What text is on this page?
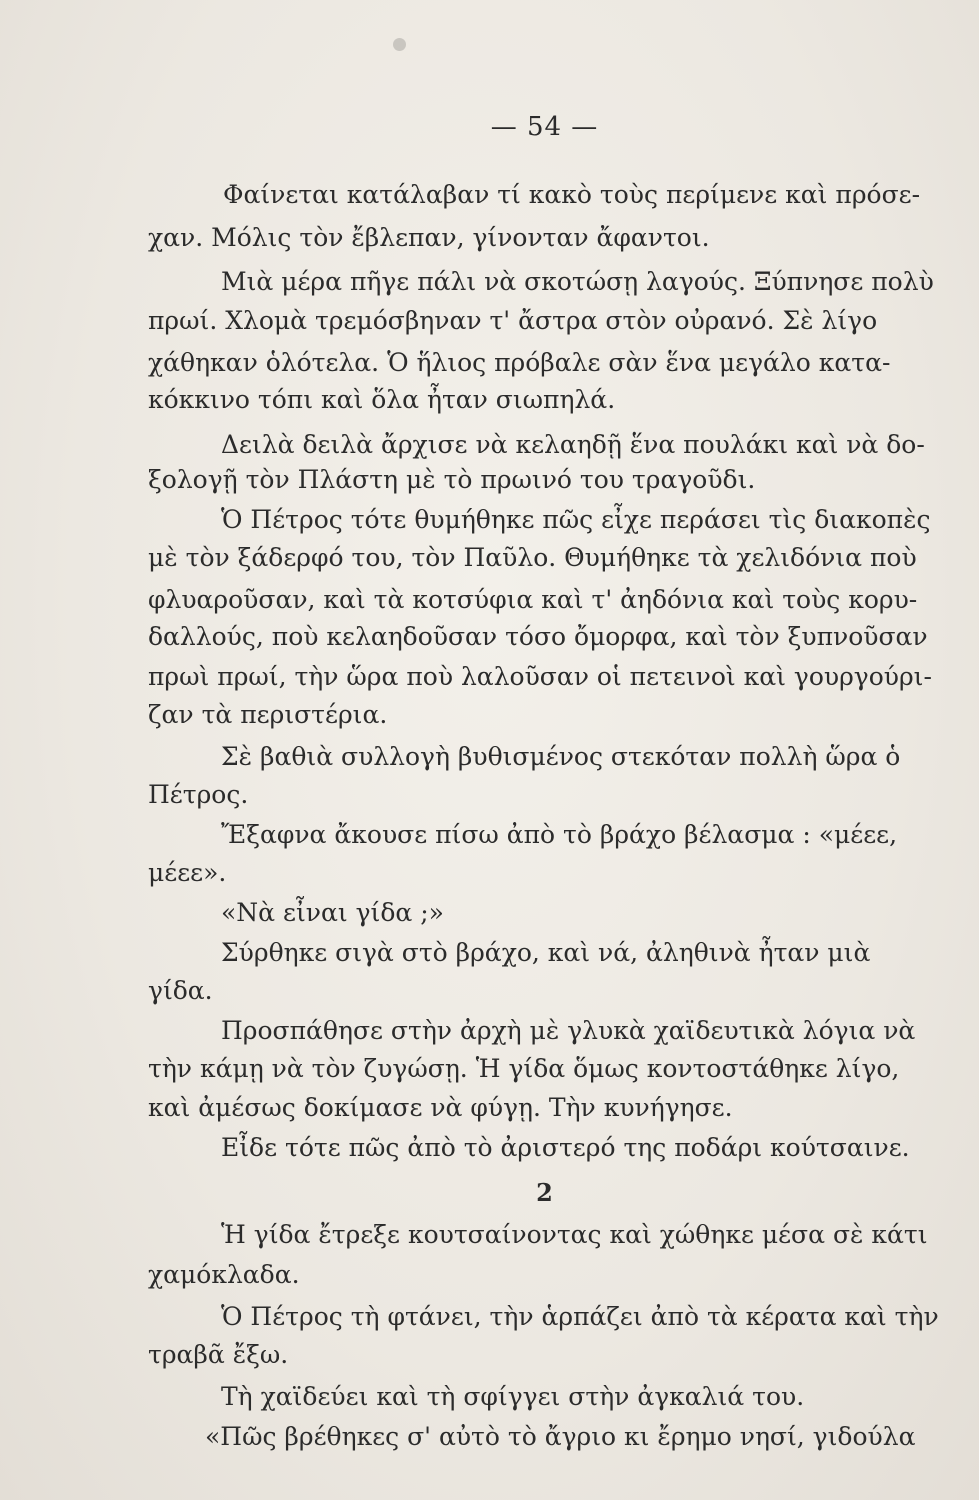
— 54 —
Φαίνεται κατάλαβαν τί κακὸ τοὺς περίμενε καὶ πρόσε-
χαν. Μόλις τὸν ἔβλεπαν, γίνονταν ἄφαντοι.
Μιὰ μέρα πῆγε πάλι νὰ σκοτώσῃ λαγούς. Ξύπνησε πολὺ
πρωί. Χλομὰ τρεμόσβηναν τ' ἄστρα στὸν οὐρανό. Σὲ λίγο
χάθηκαν ὁλότελα. Ὁ ἥλιος πρόβαλε σὰν ἕνα μεγάλο κατα-
κόκκινο τόπι καὶ ὅλα ἦταν σιωπηλά.
Δειλὰ δειλὰ ἄρχισε νὰ κελαηδῇ ἕνα πουλάκι καὶ νὰ δο-
ξολογῇ τὸν Πλάστη μὲ τὸ πρωινό του τραγοῦδι.
Ὁ Πέτρος τότε θυμήθηκε πῶς εἶχε περάσει τὶς διακοπὲς
μὲ τὸν ξάδερφό του, τὸν Παῦλο. Θυμήθηκε τὰ χελιδόνια ποὺ
φλυαροῦσαν, καὶ τὰ κοτσύφια καὶ τ' ἀηδόνια καὶ τοὺς κορυ-
δαλλούς, ποὺ κελαηδοῦσαν τόσο ὄμορφα, καὶ τὸν ξυπνοῦσαν
πρωὶ πρωί, τὴν ὥρα ποὺ λαλοῦσαν οἱ πετεινοὶ καὶ γουργούρι-
ζαν τὰ περιστέρια.
Σὲ βαθιὰ συλλογὴ βυθισμένος στεκόταν πολλὴ ὥρα ὁ
Πέτρος.
Ἔξαφνα ἄκουσε πίσω ἀπὸ τὸ βράχο βέλασμα : «μέεε,
μέεε».
«Νὰ εἶναι γίδα ;»
Σύρθηκε σιγὰ στὸ βράχο, καὶ νά, ἀληθινὰ ἦταν μιὰ
γίδα.
Προσπάθησε στὴν ἀρχὴ μὲ γλυκὰ χαϊδευτικὰ λόγια νὰ
τὴν κάμῃ νὰ τὸν ζυγώσῃ. Ἡ γίδα ὅμως κοντοστάθηκε λίγο,
καὶ ἀμέσως δοκίμασε νὰ φύγῃ. Τὴν κυνήγησε.
Εἶδε τότε πῶς ἀπὸ τὸ ἀριστερό της ποδάρι κούτσαινε.
2
Ἡ γίδα ἔτρεξε κουτσαίνοντας καὶ χώθηκε μέσα σὲ κάτι
χαμόκλαδα.
Ὁ Πέτρος τὴ φτάνει, τὴν ἁρπάζει ἀπὸ τὰ κέρατα καὶ τὴν
τραβᾶ ἔξω.
Τὴ χαϊδεύει καὶ τὴ σφίγγει στὴν ἀγκαλιά του.
«Πῶς βρέθηκες σ' αὐτὸ τὸ ἄγριο κι ἔρημο νησί, γιδούλα
